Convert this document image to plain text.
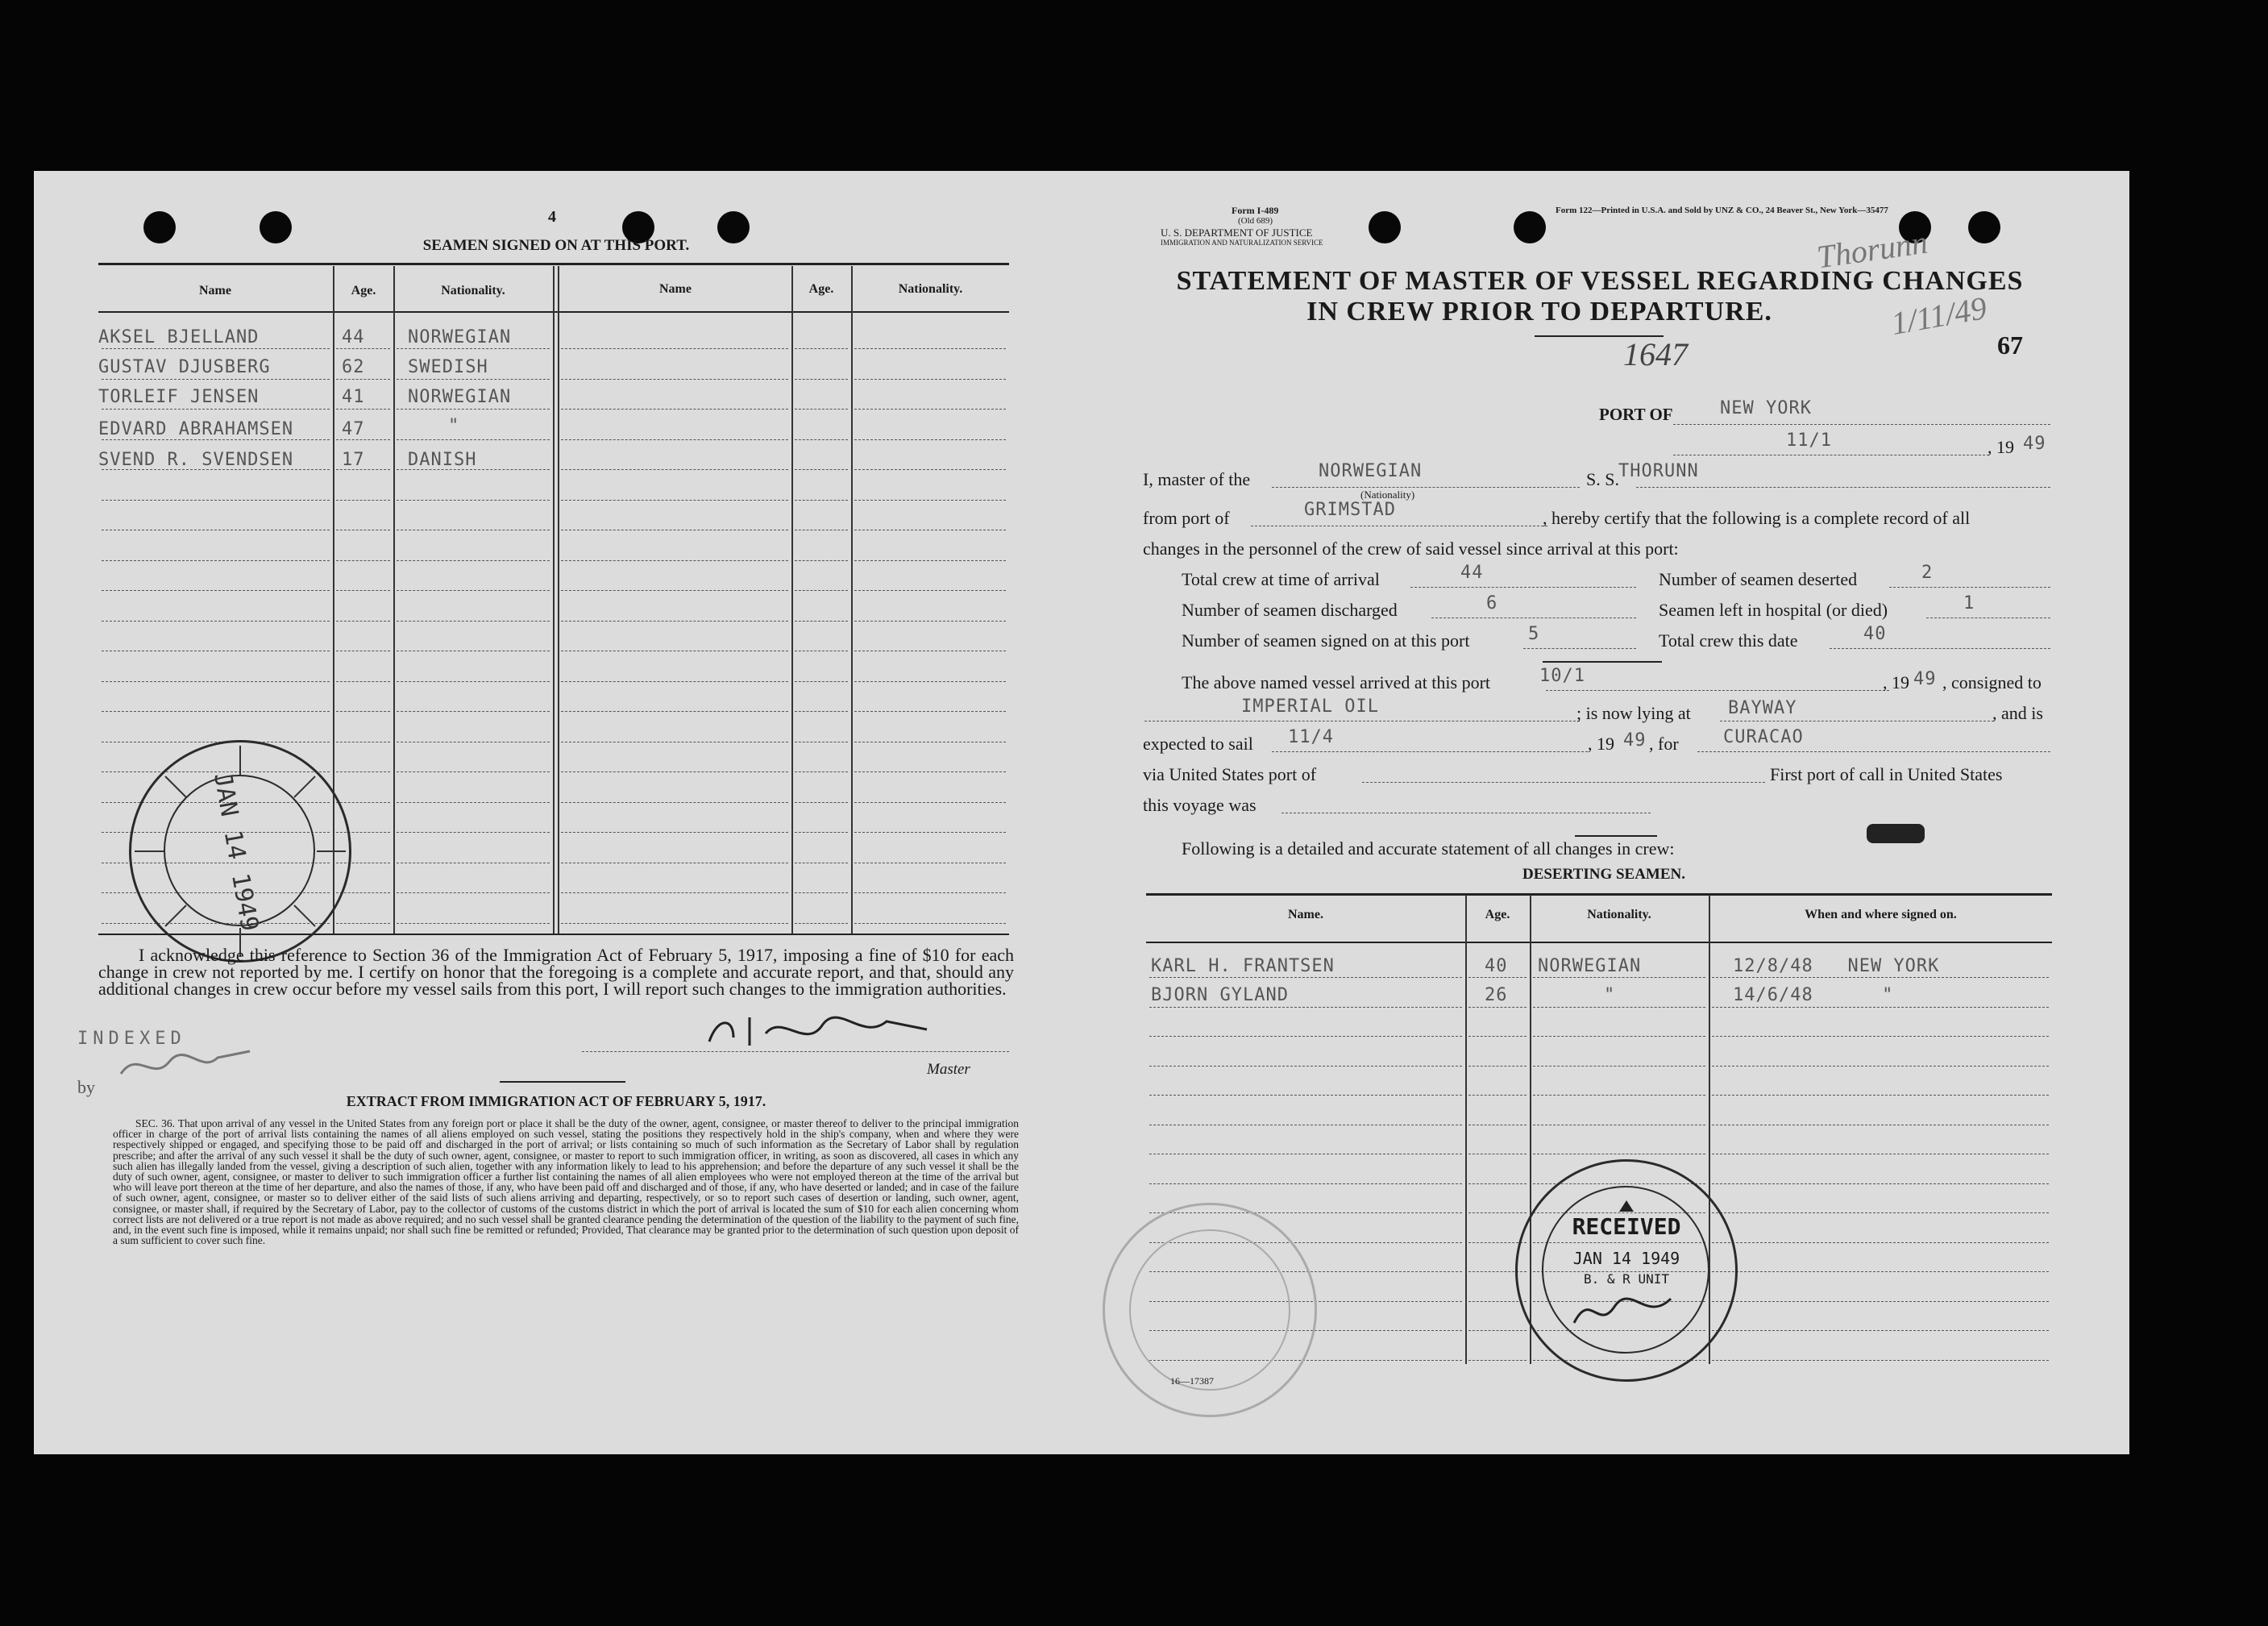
4
SEAMEN SIGNED ON AT THIS PORT.
Name	Age.	Nationality.	Name	Age.	Nationality.
AKSEL BJELLAND	44 NORWEGIAN
GUSTAV DJUSBERG	62 SWEDISH
TORLEIF JENSEN	41 NORWEGIAN
EDVARD ABRAHAMSEN	47	"
SVEND R. SVENDSEN	17 DANISH
JAN 14 1949
I acknowledge this reference to Section 36 of the Immigration Act of February 5, 1917, imposing a fine of $10 for each change in crew not reported by me. I certify on honor that the foregoing is a complete and accurate report, and that, should any additional changes in crew occur before my vessel sails from this port, I will report such changes to the immigration authorities.
INDEXED
by
Master
EXTRACT FROM IMMIGRATION ACT OF FEBRUARY 5, 1917.
SEC. 36. That upon arrival of any vessel in the United States from any foreign port or place it shall be the duty of the owner, agent, consignee, or master thereof to deliver to the principal immigration officer in charge of the port of arrival lists containing the names of all aliens employed on such vessel, stating the positions they respectively hold in the ship's company, when and where they were respectively shipped or engaged, and specifying those to be paid off and discharged in the port of arrival; or lists containing so much of such information as the Secretary of Labor shall by regulation prescribe; and after the arrival of any such vessel it shall be the duty of such owner, agent, consignee, or master to report to such immigration officer, in writing, as soon as discovered, all cases in which any such alien has illegally landed from the vessel, giving a description of such alien, together with any information likely to lead to his apprehension; and before the departure of any such vessel it shall be the duty of such owner, agent, consignee, or master to deliver to such immigration officer a further list containing the names of all alien employees who were not employed thereon at the time of the arrival but who will leave port thereon at the time of her departure, and also the names of those, if any, who have been paid off and discharged and of those, if any, who have deserted or landed; and in case of the failure of such owner, agent, consignee, or master so to deliver either of the said lists of such aliens arriving and departing, respectively, or so to report such cases of desertion or landing, such owner, agent, consignee, or master shall, if required by the Secretary of Labor, pay to the collector of customs of the customs district in which the port of arrival is located the sum of $10 for each alien concerning whom correct lists are not delivered or a true report is not made as above required; and no such vessel shall be granted clearance pending the determination of the question of the liability to the payment of such fine, and, in the event such fine is imposed, while it remains unpaid; nor shall such fine be remitted or refunded; Provided, That clearance may be granted prior to the determination of such question upon deposit of a sum sufficient to cover such fine.
Form I-489
(Old 689)
U. S. DEPARTMENT OF JUSTICE
IMMIGRATION AND NATURALIZATION SERVICE
Form 122—Printed in U.S.A. and Sold by UNZ & CO., 24 Beaver St., New York—35477
Thorunn
1/11/49
STATEMENT OF MASTER OF VESSEL REGARDING CHANGES
IN CREW PRIOR TO DEPARTURE.
1647	67
PORT OF	NEW YORK
11/1	, 19 49
I, master of the	NORWEGIAN
(Nationality)
S. S. THORUNN
from port of	GRIMSTAD	, hereby certify that the following is a complete record of all
changes in the personnel of the crew of said vessel since arrival at this port:
Total crew at time of arrival	44	Number of seamen deserted	2
Number of seamen discharged	6	Seamen left in hospital (or died)	1
Number of seamen signed on at this port	5	Total crew this date	40
The above named vessel arrived at this port	10/1	, 19 49 , consigned to
IMPERIAL OIL	; is now lying at BAYWAY	, and is
expected to sail 11/4	, 19 49 , for	CURACAO
via United States port of	First port of call in United States
this voyage was
Following is a detailed and accurate statement of all changes in crew:
DESERTING SEAMEN.
Name.	Age.	Nationality.	When and where signed on.
KARL H. FRANTSEN	40 NORWEGIAN	12/8/48   NEW YORK
BJORN GYLAND	26	"	14/6/48      "
RECEIVED
JAN 14 1949
B. & R UNIT
16—17387
